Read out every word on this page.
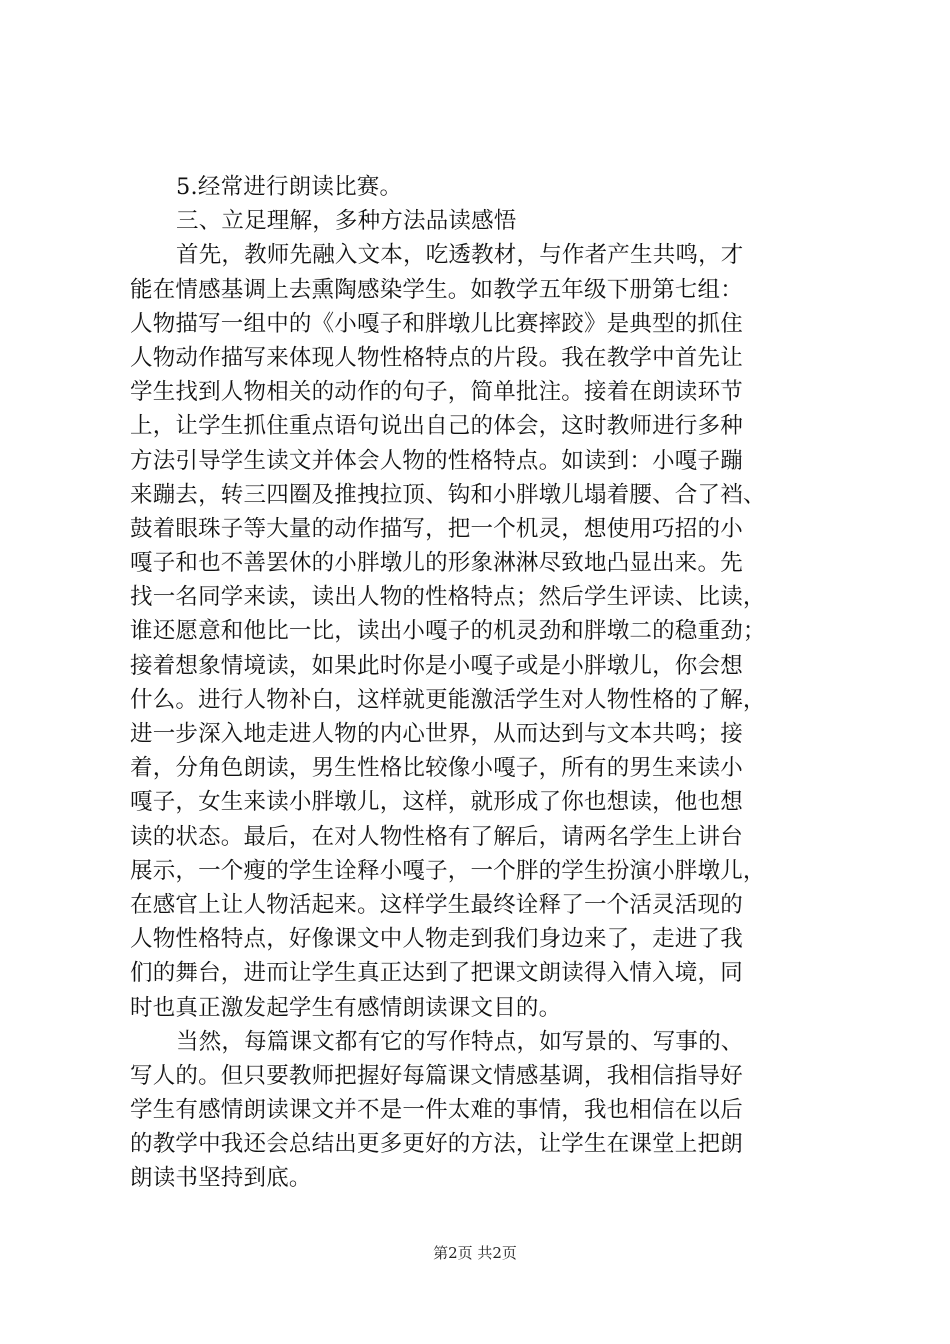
5.经常进行朗读比赛。
三、立足理解，多种方法品读感悟
首先，教师先融入文本，吃透教材，与作者产生共鸣，才
能在情感基调上去熏陶感染学生。如教学五年级下册第七组：
人物描写一组中的《小嘎子和胖墩儿比赛摔跤》是典型的抓住
人物动作描写来体现人物性格特点的片段。我在教学中首先让
学生找到人物相关的动作的句子，简单批注。接着在朗读环节
上，让学生抓住重点语句说出自己的体会，这时教师进行多种
方法引导学生读文并体会人物的性格特点。如读到：小嘎子蹦
来蹦去，转三四圈及推拽拉顶、钩和小胖墩儿塌着腰、合了裆、
鼓着眼珠子等大量的动作描写，把一个机灵，想使用巧招的小
嘎子和也不善罢休的小胖墩儿的形象淋淋尽致地凸显出来。先
找一名同学来读，读出人物的性格特点；然后学生评读、比读，
谁还愿意和他比一比，读出小嘎子的机灵劲和胖墩二的稳重劲；
接着想象情境读，如果此时你是小嘎子或是小胖墩儿，你会想
什么。进行人物补白，这样就更能激活学生对人物性格的了解，
进一步深入地走进人物的内心世界，从而达到与文本共鸣；接
着，分角色朗读，男生性格比较像小嘎子，所有的男生来读小
嘎子，女生来读小胖墩儿，这样，就形成了你也想读，他也想
读的状态。最后，在对人物性格有了解后，请两名学生上讲台
展示，一个瘦的学生诠释小嘎子，一个胖的学生扮演小胖墩儿，
在感官上让人物活起来。这样学生最终诠释了一个活灵活现的
人物性格特点，好像课文中人物走到我们身边来了，走进了我
们的舞台，进而让学生真正达到了把课文朗读得入情入境，同
时也真正激发起学生有感情朗读课文目的。
当然，每篇课文都有它的写作特点，如写景的、写事的、
写人的。但只要教师把握好每篇课文情感基调，我相信指导好
学生有感情朗读课文并不是一件太难的事情，我也相信在以后
的教学中我还会总结出更多更好的方法，让学生在课堂上把朗
朗读书坚持到底。
第2页 共2页
